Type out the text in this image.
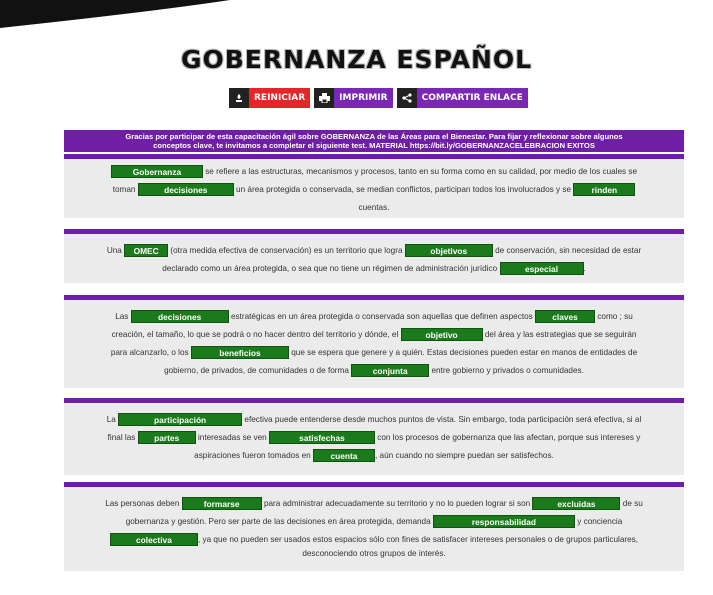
GOBERNANZA ESPAÑOL
REINICIAR	IMPRIMIR	COMPARTIR ENLACE
Gracias por participar de esta capacitación ágil sobre GOBERNANZA de las Áreas para el Bienestar. Para fijar y reflexionar sobre algunos
conceptos clave, te invitamos a completar el siguiente test. MATERIAL https://bit.ly/GOBERNANZACELEBRACION EXITOS
Gobernanza	se refiere a las estructuras, mecanismos y procesos, tanto en su forma como en su calidad, por medio de los cuales se
toman	decisiones	un área protegida o conservada, se median conflictos, participan todos los involucrados y se rinden
cuentas.
Una OMEC (otra medida efectiva de conservación) es un territorio que logra	objetivos	de conservación, sin necesidad de estar
declarado como un área protegida, o sea que no tiene un régimen de administración jurídico	especial	.
Las	decisiones	estratégicas en un área protegida o conservada son aquellas que definen aspectos claves como ; su
creación, el tamaño, lo que se podrá o no hacer dentro del territorio y dónde, el	objetivo	del área y las estrategias que se seguirán
para alcanzarlo, o los	beneficios	que se espera que genere y a quién. Estas decisiones pueden estar en manos de entidades de
gobierno, de privados, de comunidades o de forma	conjunta	entre gobierno y privados o comunidades.
La	participación	efectiva puede entenderse desde muchos puntos de vista. Sin embargo, toda participación será efectiva, si al
final las partes interesadas se ven	satisfechas	con los procesos de gobernanza que las afectan, porque sus intereses y
aspiraciones fueron tomados en cuenta , aún cuando no siempre puedan ser satisfechos.
Las personas deben	formarse	para administrar adecuadamente su territorio y no lo pueden lograr si son	excluidas	de su
gobernanza y gestión. Pero ser parte de las decisiones en área protegida, demanda	responsabilidad	y conciencia
colectiva	, ya que no pueden ser usados estos espacios sólo con fines de satisfacer intereses personales o de grupos particulares,
desconociendo otros grupos de interés.
